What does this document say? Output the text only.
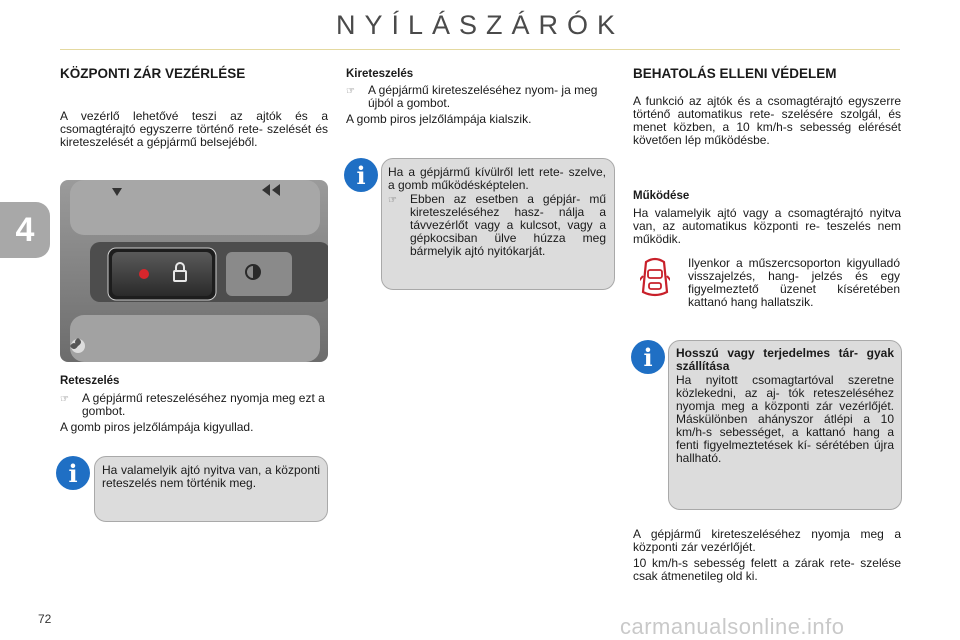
NYÍLÁSZÁRÓK
4
KÖZPONTI ZÁR VEZÉRLÉSE
A vezérlő lehetővé teszi az ajtók és a csomagtérajtó egyszerre történő rete- szelését és kireteszelését a gépjármű belsejéből.
Reteszelés
☞	A gépjármű reteszeléséhez nyomja meg ezt a gombot.
A gomb piros jelzőlámpája kigyullad.
i	Ha valamelyik ajtó nyitva van, a központi reteszelés nem történik meg.
Kireteszelés
☞	A gépjármű kireteszeléséhez nyom- ja meg újból a gombot.
A gomb piros jelzőlámpája kialszik.
i	Ha a gépjármű kívülről lett rete- szelve, a gomb működésképtelen.
☞	Ebben az esetben a gépjár- mű kireteszeléséhez hasz- nálja a távvezérlőt vagy a kulcsot, vagy a gépkocsiban ülve húzza meg bármelyik ajtó nyitókarját.
BEHATOLÁS ELLENI VÉDELEM
A funkció az ajtók és a csomagtérajtó egyszerre történő automatikus rete- szelésére szolgál, és menet közben, a 10 km/h-s sebesség elérését követően lép működésbe.
Működése
Ha valamelyik ajtó vagy a csomagtérajtó nyitva van, az automatikus központi re- teszelés nem működik.
Ilyenkor a műszercsoporton kigyulladó visszajelzés, hang- jelzés és egy figyelmeztető üzenet kíséretében kattanó hang hallatszik.
i	Hosszú vagy terjedelmes tár- gyak szállítása
Ha nyitott csomagtartóval szeretne közlekedni, az aj- tók reteszeléséhez nyomja meg a központi zár vezérlőjét. Máskülönben ahányszor átlépi a 10 km/h-s sebességet, a kattanó hang a fenti figyelmeztetések kí- sérétében újra hallható.
A gépjármű kireteszeléséhez nyomja meg a központi zár vezérlőjét.
10 km/h-s sebesség felett a zárak rete- szelése csak átmenetileg old ki.
72	carmanualsonline.info
